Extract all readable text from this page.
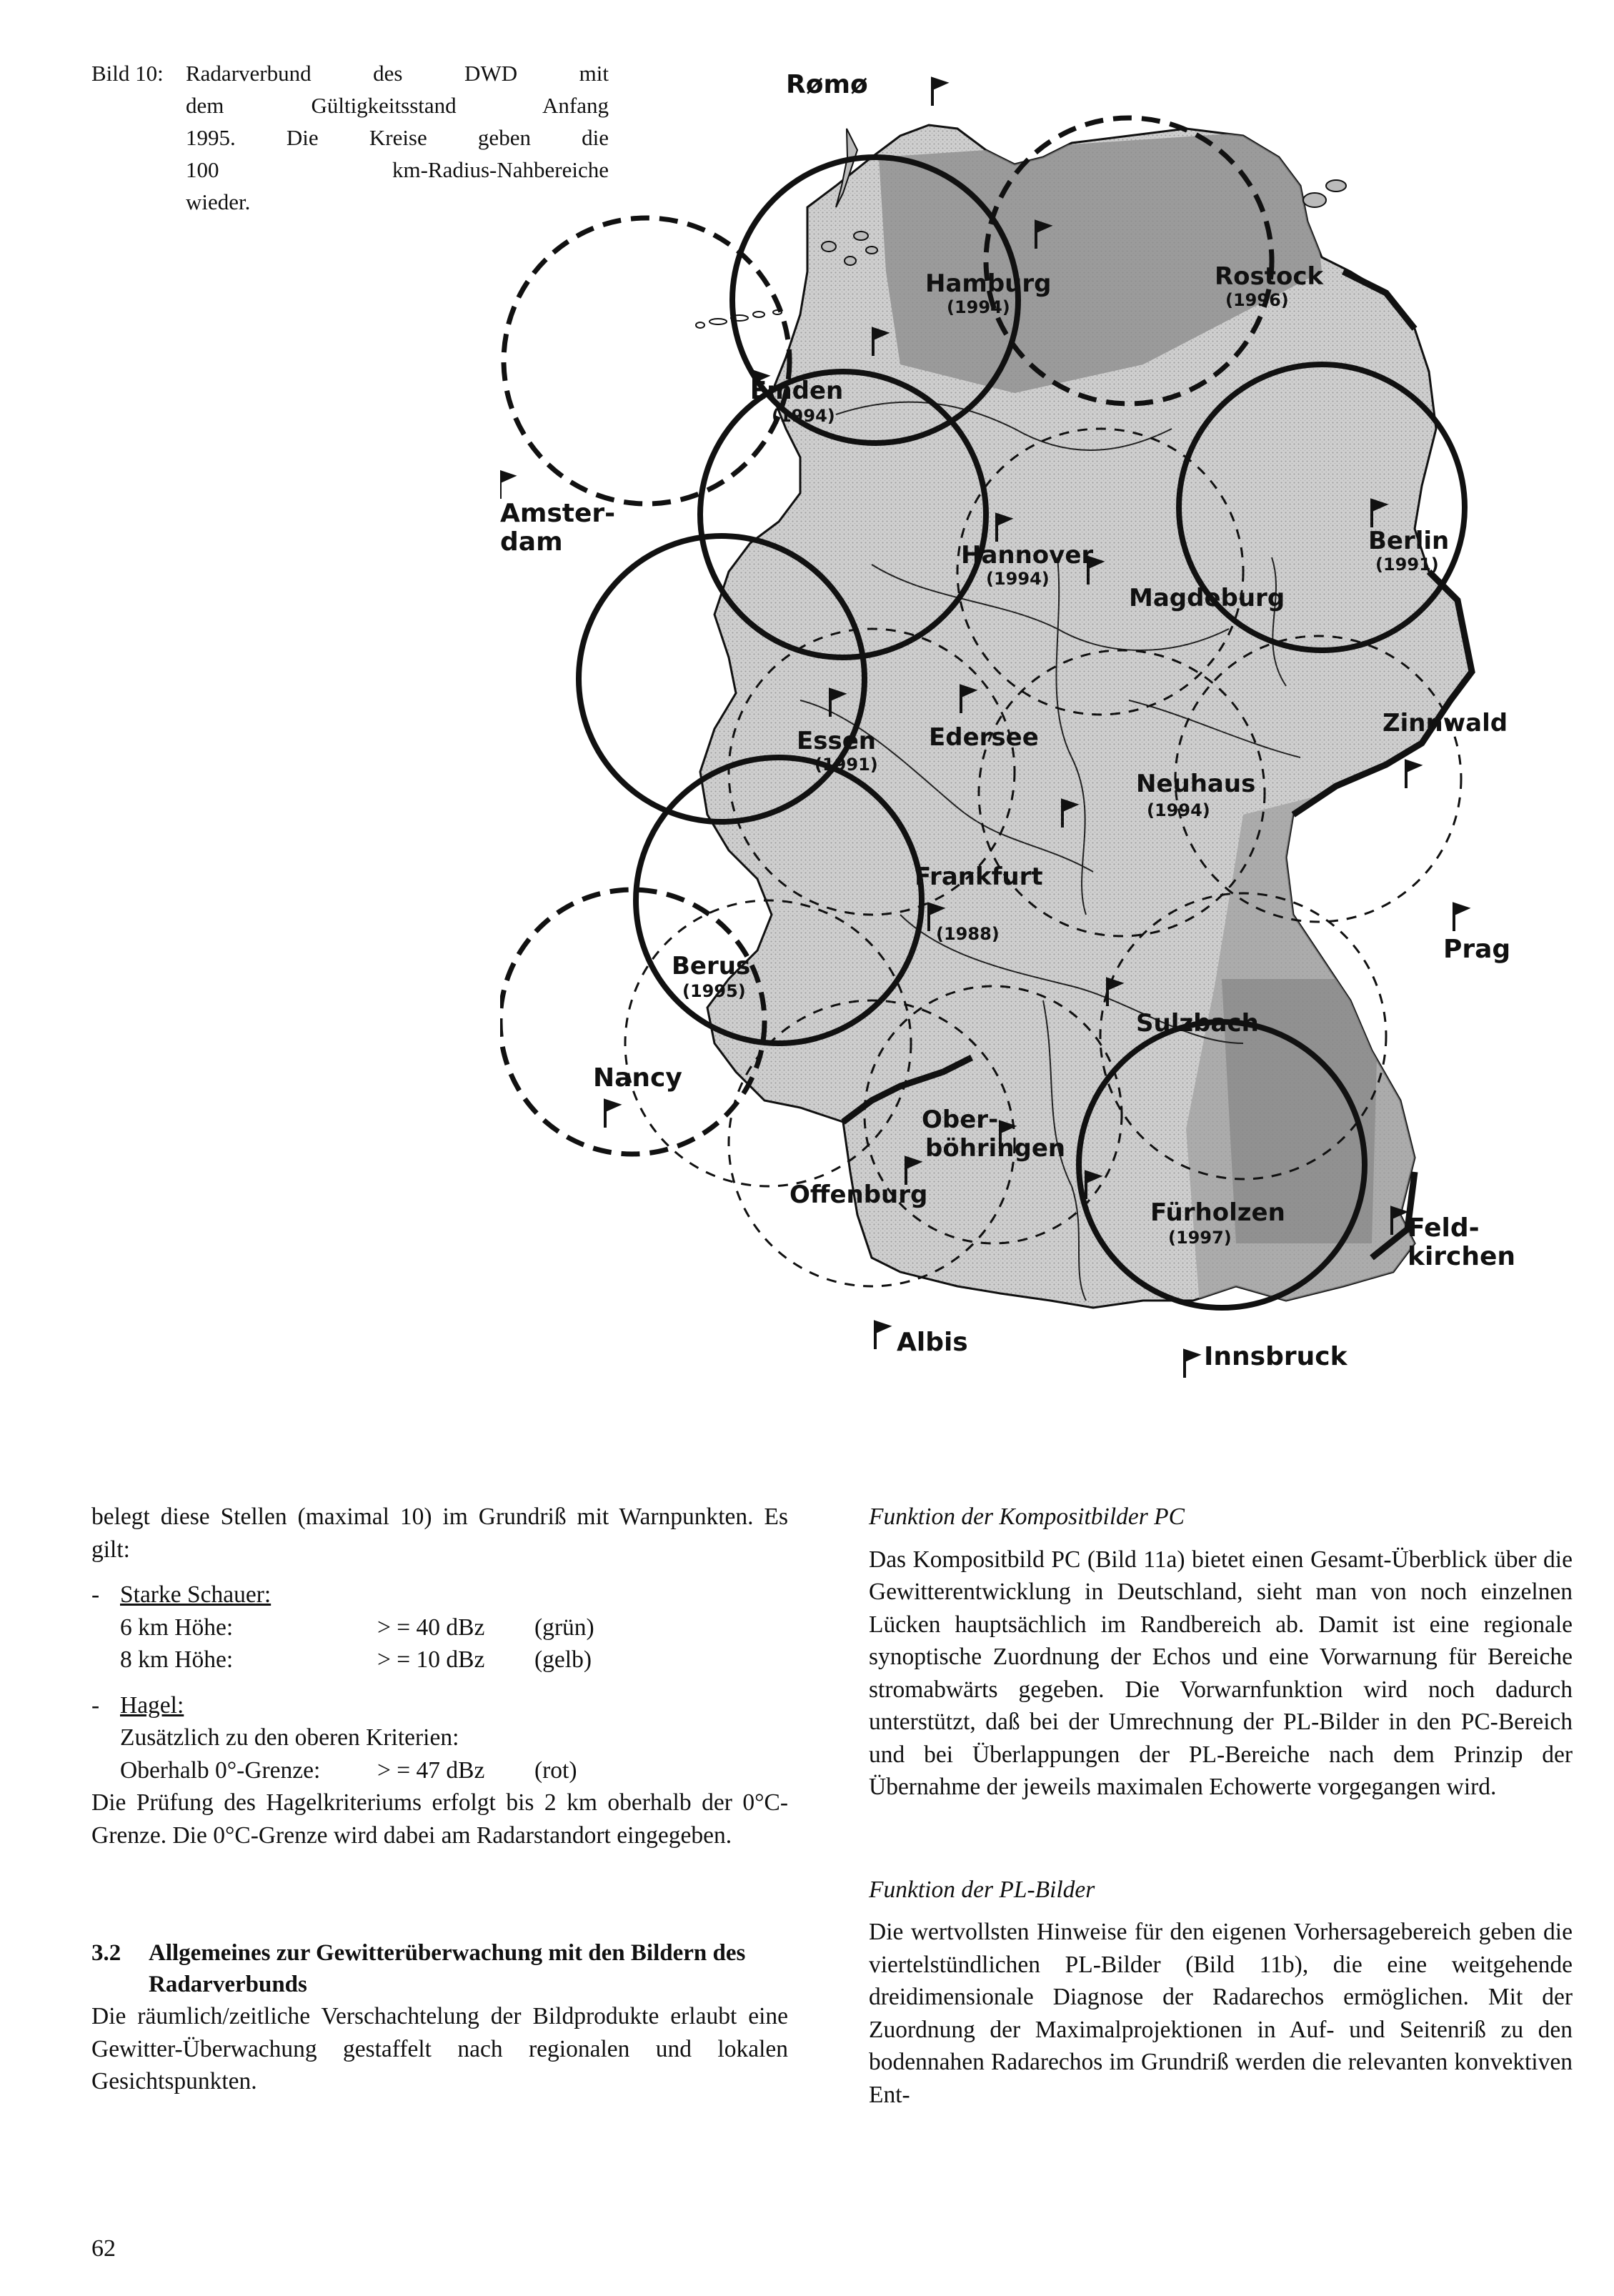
Bild 10: Radarverbund des DWD mit
dem Gültigkeitsstand Anfang
1995. Die Kreise geben die
100 km-Radius-Nahbereiche
wieder.
Hamburg
(1994)
Rostock
(1996)
Emden
(1994)
Berlin
(1991)
Hannover
(1994)
Magdeburg
Essen
(1991)
Edersee	Zinnwald
Neuhaus
(1994)
Frankfurt
(1988)
Berus
(1995)
Sulzbach
Ober-
böhringen
Offenburg
Fürholzen
(1997)
Rømø
Amster-
dam
Prag
Nancy
Feld-
kirchen
Albis	Innsbruck

belegt diese Stellen (maximal 10) im Grundriß mit Warnpunkten. Es gilt:

- Starke Schauer:
6 km Höhe:	> = 40 dBz	(grün)
8 km Höhe:	> = 10 dBz	(gelb)
- Hagel:
Zusätzlich zu den oberen Kriterien:
Oberhalb 0°-Grenze:	> = 47 dBz	(rot)

Die Prüfung des Hagelkriteriums erfolgt bis 2 km oberhalb der 0°C-Grenze. Die 0°C-Grenze wird dabei am Radarstandort eingegeben.

3.2 Allgemeines zur Gewitterüberwachung mit den Bildern des Radarverbunds

Die räumlich/zeitliche Verschachtelung der Bildprodukte erlaubt eine Gewitter-Überwachung gestaffelt nach regionalen und lokalen Gesichtspunkten.

Funktion der Kompositbilder PC

Das Kompositbild PC (Bild 11a) bietet einen Gesamt-Überblick über die Gewitterentwicklung in Deutschland, sieht man von noch einzelnen Lücken hauptsächlich im Randbereich ab. Damit ist eine regionale synoptische Zuordnung der Echos und eine Vorwarnung für Bereiche stromabwärts gegeben. Die Vorwarnfunktion wird noch dadurch unterstützt, daß bei der Umrechnung der PL-Bilder in den PC-Bereich und bei Überlappungen der PL-Bereiche nach dem Prinzip der Übernahme der jeweils maximalen Echowerte vorgegangen wird.

Funktion der PL-Bilder

Die wertvollsten Hinweise für den eigenen Vorhersagebereich geben die viertelstündlichen PL-Bilder (Bild 11b), die eine weitgehende dreidimensionale Diagnose der Radarechos ermöglichen. Mit der Zuordnung der Maximalprojektionen in Auf- und Seitenriß zu den bodennahen Radarechos im Grundriß werden die relevanten konvektiven Ent-

62
